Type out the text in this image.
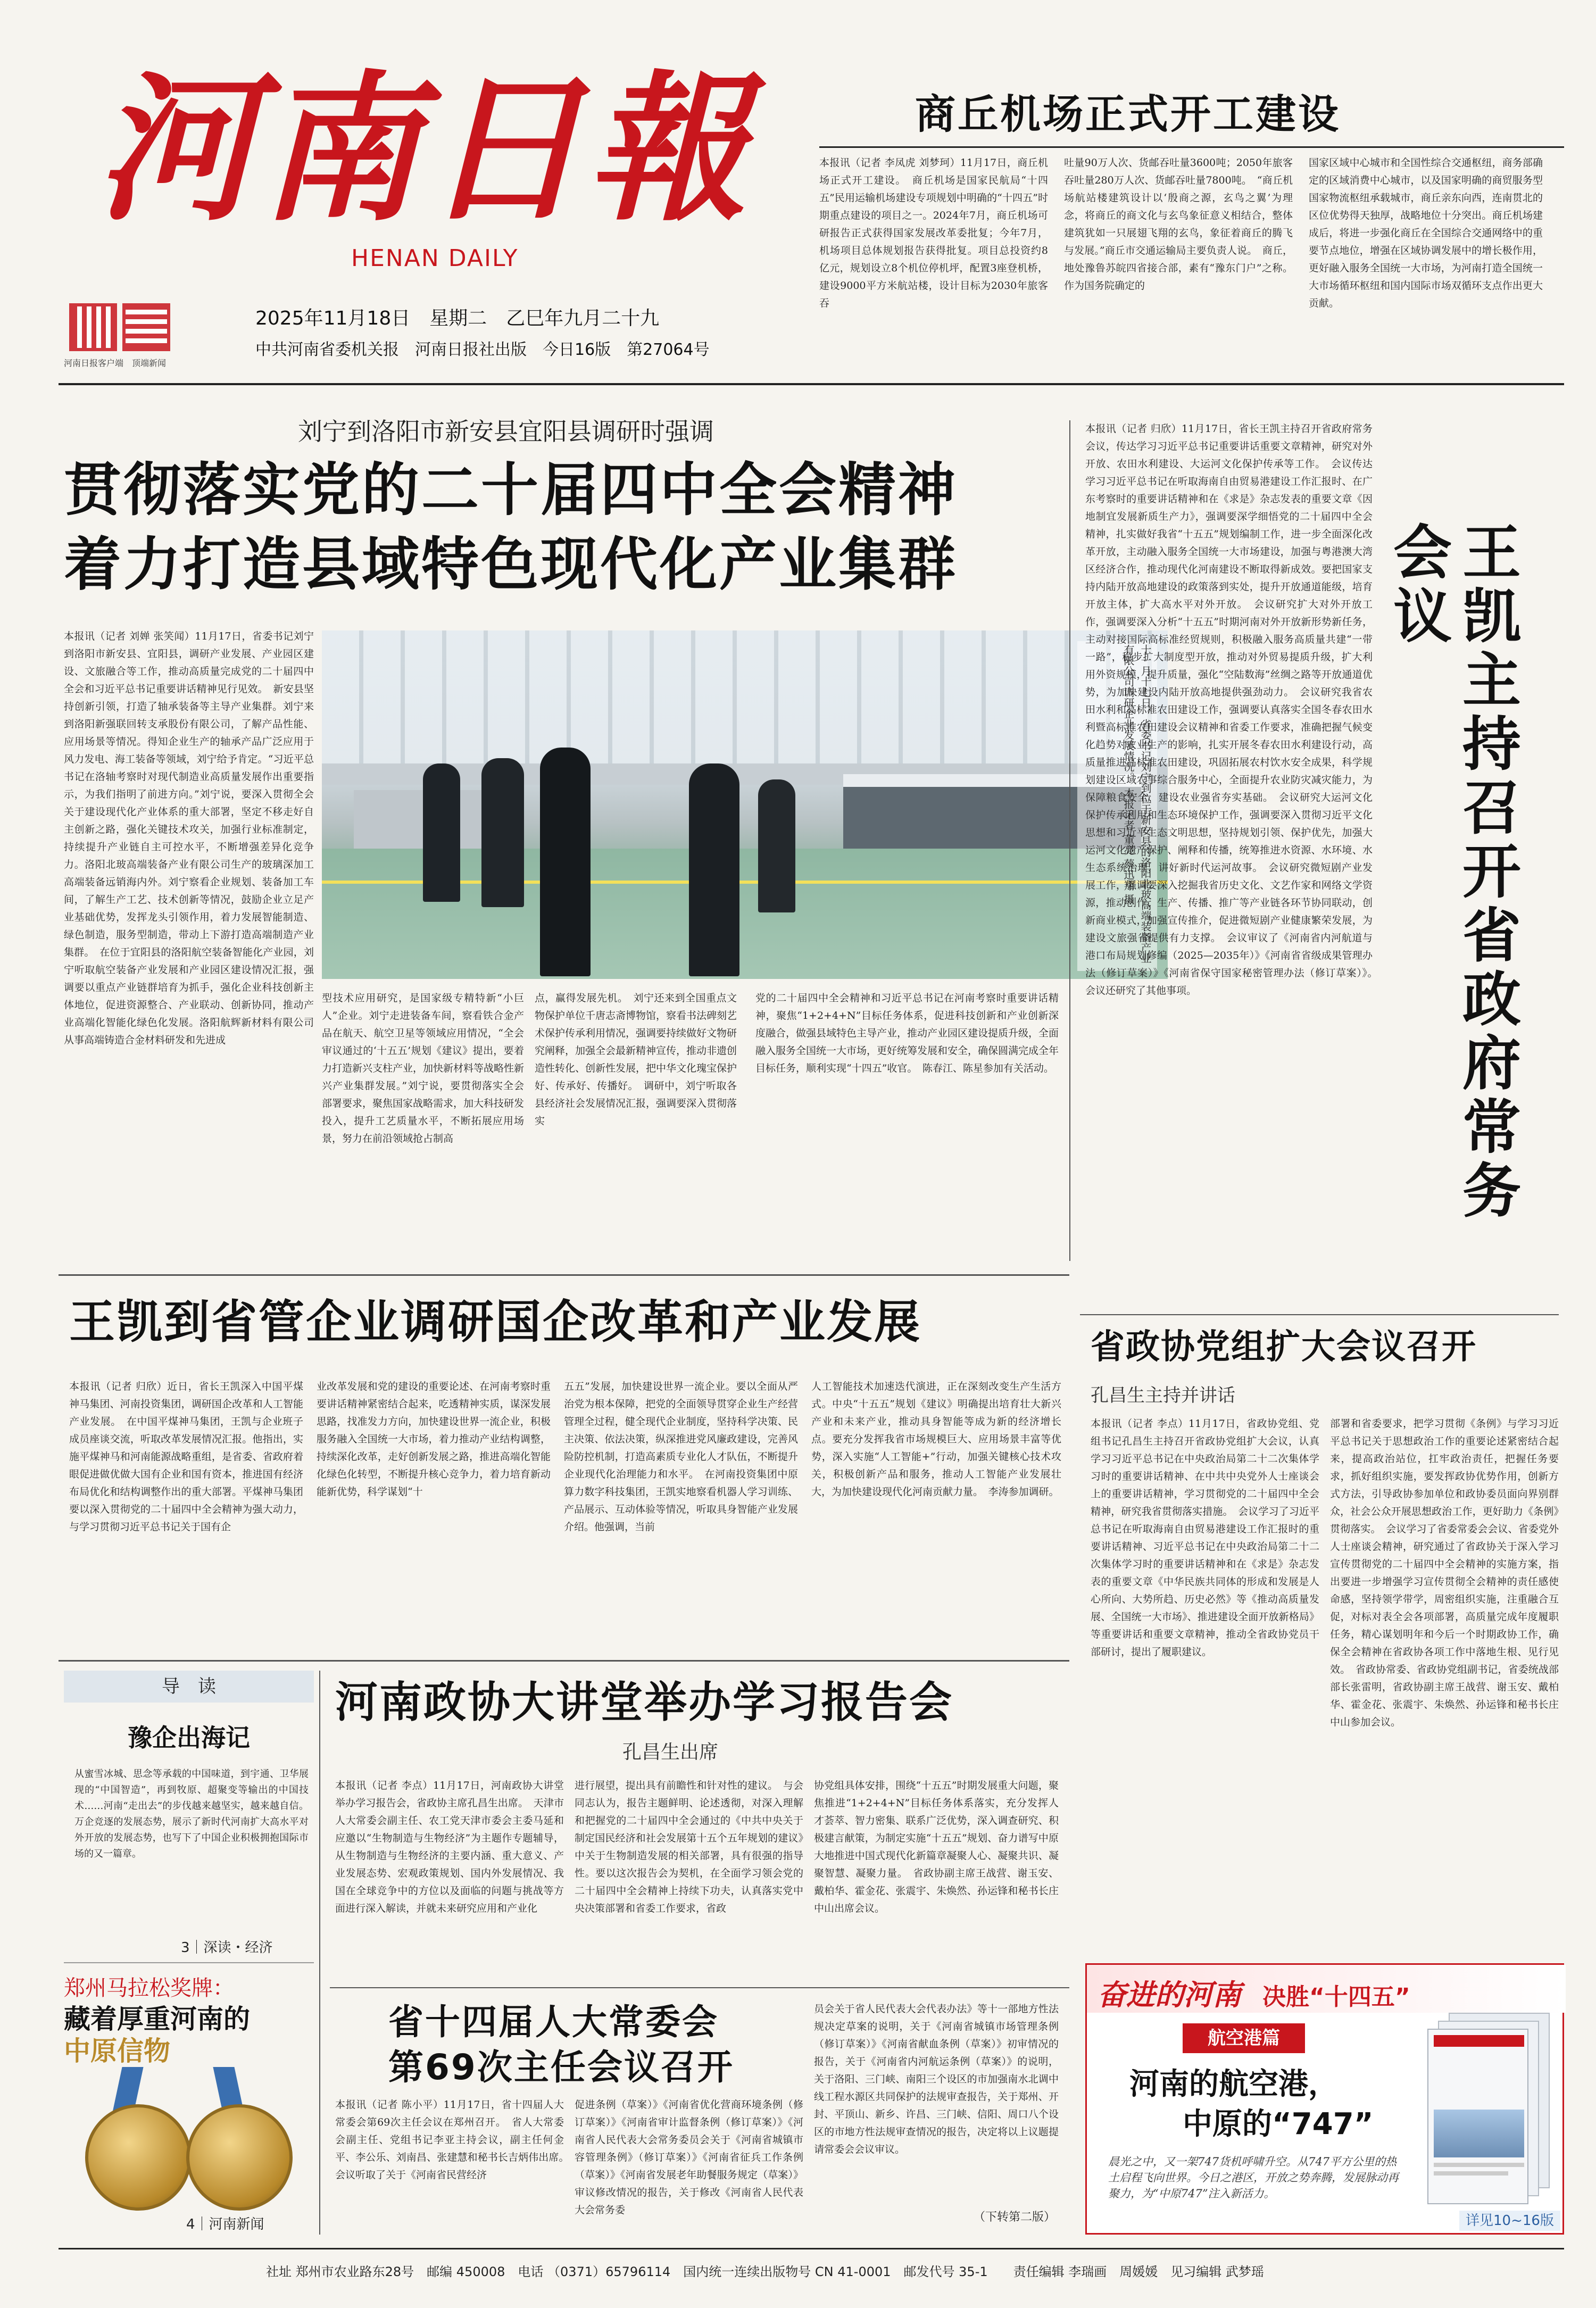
河南日報
HENAN DAILY
河南日报客户端　顶端新闻
2025年11月18日　星期二　乙巳年九月二十九
中共河南省委机关报　河南日报社出版　今日16版　第27064号
商丘机场正式开工建设
本报讯（记者 李凤虎 刘梦珂）11月17日，商丘机场正式开工建设。　商丘机场是国家民航局“十四五”民用运输机场建设专项规划中明确的“十四五”时期重点建设的项目之一。2024年7月，商丘机场可研报告正式获得国家发展改革委批复；今年7月，机场项目总体规划报告获得批复。项目总投资约8亿元，规划设立8个机位停机坪，配置3座登机桥，建设9000平方米航站楼，设计目标为2030年旅客吞
吐量90万人次、货邮吞吐量3600吨；2050年旅客吞吐量280万人次、货邮吞吐量7800吨。　“商丘机场航站楼建筑设计以‘殷商之源，玄鸟之翼’为理念，将商丘的商文化与玄鸟象征意义相结合，整体建筑犹如一只展翅飞翔的玄鸟，象征着商丘的腾飞与发展。”商丘市交通运输局主要负责人说。　商丘，地处豫鲁苏皖四省接合部，素有“豫东门户”之称。作为国务院确定的
国家区域中心城市和全国性综合交通枢纽，商务部确定的区域消费中心城市，以及国家明确的商贸服务型国家物流枢纽承载城市，商丘亲东向西，连南贯北的区位优势得天独厚，战略地位十分突出。商丘机场建成后，将进一步强化商丘在全国综合交通网络中的重要节点地位，增强在区域协调发展中的增长极作用，更好融入服务全国统一大市场，为河南打造全国统一大市场循环枢纽和国内国际市场双循环支点作出更大贡献。
刘宁到洛阳市新安县宜阳县调研时强调
贯彻落实党的二十届四中全会精神
着力打造县域特色现代化产业集群
本报讯（记者 刘婵 张笑闻）11月17日，省委书记刘宁到洛阳市新安县、宜阳县，调研产业发展、产业园区建设、文旅融合等工作，推动高质量完成党的二十届四中全会和习近平总书记重要讲话精神见行见效。　新安县坚持创新引领，打造了轴承装备等主导产业集群。刘宁来到洛阳新强联回转支承股份有限公司，了解产品性能、应用场景等情况。得知企业生产的轴承产品广泛应用于风力发电、海工装备等领域，刘宁给予肯定。“习近平总书记在洛轴考察时对现代制造业高质量发展作出重要指示，为我们指明了前进方向。”刘宁说，要深入贯彻全会关于建设现代化产业体系的重大部署，坚定不移走好自主创新之路，强化关键技术攻关，加强行业标准制定，持续提升产业链自主可控水平，不断增强差异化竞争力。洛阳北玻高端装备产业有限公司生产的玻璃深加工高端装备远销海内外。刘宁察看企业规划、装备加工车间，了解生产工艺、技术创新等情况，鼓励企业立足产业基础优势，发挥龙头引领作用，着力发展智能制造、绿色制造，服务型制造，带动上下游打造高端制造产业集群。　在位于宜阳县的洛阳航空装备智能化产业园，刘宁听取航空装备产业发展和产业园区建设情况汇报，强调要以重点产业链群培育为抓手，强化企业科技创新主体地位，促进资源整合、产业联动、创新协同，推动产业高端化智能化绿色化发展。洛阳航辉新材料有限公司从事高端铸造合金材料研发和先进成
十一月十七日，省委书记刘宁到位于新安县的洛阳北玻高端装备产业有限公司调研企业发展情况。　本报记者 董亮 蔡迅翔 摄
型技术应用研究，是国家级专精特新“小巨人”企业。刘宁走进装备车间，察看铁合金产品在航天、航空卫星等领域应用情况，“全会审议通过的‘十五五’规划《建议》提出，要着力打造新兴支柱产业，加快新材料等战略性新兴产业集群发展。”刘宁说，要贯彻落实全会部署要求，聚焦国家战略需求，加大科技研发投入，提升工艺质量水平，不断拓展应用场景，努力在前沿领域抢占制高
点，赢得发展先机。　刘宁还来到全国重点文物保护单位千唐志斋博物馆，察看书法碑刻艺术保护传承利用情况，强调要持续做好文物研究阐释，加强全会最新精神宣传，推动非遗创造性转化、创新性发展，把中华文化瑰宝保护好、传承好、传播好。　调研中，刘宁听取各县经济社会发展情况汇报，强调要深入贯彻落实
党的二十届四中全会精神和习近平总书记在河南考察时重要讲话精神，聚焦“1+2+4+N”目标任务体系，促进科技创新和产业创新深度融合，做强县域特色主导产业，推动产业园区建设提质升级，全面融入服务全国统一大市场，更好统筹发展和安全，确保圆满完成全年目标任务，顺利实现“十四五”收官。　陈春江、陈星参加有关活动。
本报讯（记者 归欣）11月17日，省长王凯主持召开省政府常务会议，传达学习习近平总书记重要讲话重要文章精神，研究对外开放、农田水利建设、大运河文化保护传承等工作。　会议传达学习习近平总书记在听取海南自由贸易港建设工作汇报时、在广东考察时的重要讲话精神和在《求是》杂志发表的重要文章《因地制宜发展新质生产力》，强调要深学细悟党的二十届四中全会精神，扎实做好我省“十五五”规划编制工作，进一步全面深化改革开放，主动融入服务全国统一大市场建设，加强与粤港澳大湾区经济合作，推动现代化河南建设不断取得新成效。要把国家支持内陆开放高地建设的政策落到实处，提升开放通道能级，培育开放主体，扩大高水平对外开放。　会议研究扩大对外开放工作，强调要深入分析“十五五”时期河南对外开放新形势新任务，主动对接国际高标准经贸规则，积极融入服务高质量共建“一带一路”，稳步扩大制度型开放，推动对外贸易提质升级，扩大利用外资规模，提升质量，强化“空陆数海”丝绸之路等开放通道优势，为加快建设内陆开放高地提供强劲动力。　会议研究我省农田水利和高标准农田建设工作，强调要认真落实全国冬春农田水利暨高标准农田建设会议精神和省委工作要求，准确把握气候变化趋势对农业生产的影响，扎实开展冬春农田水利建设行动，高质量推进高标准农田建设，巩固拓展农村饮水安全成果，科学规划建设区域农事综合服务中心，全面提升农业防灾减灾能力，为保障粮食安全、建设农业强省夯实基础。　会议研究大运河文化保护传承利用和生态环境保护工作，强调要深入贯彻习近平文化思想和习近平生态文明思想，坚持规划引领、保护优先，加强大运河文化遗产保护、阐释和传播，统筹推进水资源、水环境、水生态系统治理，讲好新时代运河故事。　会议研究微短剧产业发展工作，强调要深入挖掘我省历史文化、文艺作家和网络文学资源，推动创作、生产、传播、推广等产业链各环节协同联动，创新商业模式，加强宣传推介，促进微短剧产业健康繁荣发展，为建设文旅强省提供有力支撑。　会议审议了《河南省内河航道与港口布局规划修编（2025—2035年）》《河南省省级成果管理办法（修订草案）》《河南省保守国家秘密管理办法（修订草案）》。　会议还研究了其他事项。	王凯主持召开省政府常务会议
王凯到省管企业调研国企改革和产业发展
本报讯（记者 归欣）近日，省长王凯深入中国平煤神马集团、河南投资集团，调研国企改革和人工智能产业发展。　在中国平煤神马集团，王凯与企业班子成员座谈交流，听取改革发展情况汇报。他指出，实施平煤神马和河南能源战略重组，是省委、省政府着眼促进做优做大国有企业和国有资本，推进国有经济布局优化和结构调整作出的重大部署。平煤神马集团要以深入贯彻党的二十届四中全会精神为强大动力，与学习贯彻习近平总书记关于国有企
业改革发展和党的建设的重要论述、在河南考察时重要讲话精神紧密结合起来，吃透精神实质，谋深发展思路，找准发力方向，加快建设世界一流企业，积极服务融入全国统一大市场，着力推动产业结构调整，持续深化改革，走好创新发展之路，推进高端化智能化绿色化转型，不断提升核心竞争力，着力培育新动能新优势，科学谋划“十
五五”发展，加快建设世界一流企业。要以全面从严治党为根本保障，把党的全面领导贯穿企业生产经营管理全过程，健全现代企业制度，坚持科学决策、民主决策、依法决策，纵深推进党风廉政建设，完善风险防控机制，打造高素质专业化人才队伍，不断提升企业现代化治理能力和水平。　在河南投资集团中原算力数字科技集团，王凯实地察看机器人学习训练、产品展示、互动体验等情况，听取具身智能产业发展介绍。他强调，当前
人工智能技术加速迭代演进，正在深刻改变生产生活方式。中央“十五五”规划《建议》明确提出培育壮大新兴产业和未来产业，推动具身智能等成为新的经济增长点。要充分发挥我省市场规模巨大、应用场景丰富等优势，深入实施“人工智能+”行动，加强关键核心技术攻关，积极创新产品和服务，推动人工智能产业发展壮大，为加快建设现代化河南贡献力量。　李涛参加调研。
导　读
豫企出海记
从蜜雪冰城、思念等承载的中国味道，到宇通、卫华展现的“中国智造”，再到牧原、超聚变等输出的中国技术……河南“走出去”的步伐越来越坚实，越来越自信。万企竞逐的发展态势，展示了新时代河南扩大高水平对外开放的发展态势，也写下了中国企业积极拥抱国际市场的又一篇章。
3｜深读・经济
郑州马拉松奖牌：
藏着厚重河南的
中原信物
4｜河南新闻
河南政协大讲堂举办学习报告会
孔昌生出席
本报讯（记者 李点）11月17日，河南政协大讲堂举办学习报告会，省政协主席孔昌生出席。　天津市人大常委会副主任、农工党天津市委会主委马延和应邀以“生物制造与生物经济”为主题作专题辅导，从生物制造与生物经济的主要内涵、重大意义、产业发展态势、宏观政策规划、国内外发展情况、我国在全球竞争中的方位以及面临的问题与挑战等方面进行深入解读，并就未来研究应用和产业化
进行展望，提出具有前瞻性和针对性的建议。　与会同志认为，报告主题鲜明、论述透彻，对深入理解和把握党的二十届四中全会通过的《中共中央关于制定国民经济和社会发展第十五个五年规划的建议》中关于生物制造发展的相关部署，具有很强的指导性。要以这次报告会为契机，在全面学习领会党的二十届四中全会精神上持续下功夫，认真落实党中央决策部署和省委工作要求，省政
协党组具体安排，围绕“十五五”时期发展重大问题，聚焦推进“1+2+4+N”目标任务体系落实，充分发挥人才荟萃、智力密集、联系广泛优势，深入调查研究、积极建言献策，为制定实施“十五五”规划、奋力谱写中原大地推进中国式现代化新篇章凝聚人心、凝聚共识、凝聚智慧、凝聚力量。　省政协副主席王战营、谢玉安、戴柏华、霍金花、张震宇、朱焕然、孙运锋和秘书长庄中山出席会议。
省十四届人大常委会
第69次主任会议召开
本报讯（记者 陈小平）11月17日，省十四届人大常委会第69次主任会议在郑州召开。　省人大常委会副主任、党组书记李亚主持会议，副主任何金平、李公乐、刘南昌、张建慧和秘书长吉炳伟出席。　会议听取了关于《河南省民营经济
促进条例（草案）》《河南省优化营商环境条例（修订草案）》《河南省审计监督条例（修订草案）》《河南省人民代表大会常务委员会关于《河南省城镇市容管理条例》（修订草案）》《河南省征兵工作条例（草案）》《河南省发展老年助餐服务规定（草案）》审议修改情况的报告，关于修改《河南省人民代表大会常务委
员会关于省人民代表大会代表办法》等十一部地方性法规决定草案的说明，关于《河南省城镇市场管理条例（修订草案）》《河南省献血条例（草案）》初审情况的报告，关于《河南省内河航运条例（草案）》的说明，关于洛阳、三门峡、南阳三个设区的市加强南水北调中线工程水源区共同保护的法规审查报告，关于郑州、开封、平顶山、新乡、许昌、三门峡、信阳、周口八个设区的市地方性法规审查情况的报告，决定将以上议题提请常委会会议审议。
（下转第二版）
省政协党组扩大会议召开
孔昌生主持并讲话
本报讯（记者 李点）11月17日，省政协党组、党组书记孔昌生主持召开省政协党组扩大会议，认真学习习近平总书记在中央政治局第二十二次集体学习时的重要讲话精神、在中共中央党外人士座谈会上的重要讲话精神，学习贯彻党的二十届四中全会精神，研究我省贯彻落实措施。　会议学习了习近平总书记在听取海南自由贸易港建设工作汇报时的重要讲话精神、习近平总书记在中央政治局第二十二次集体学习时的重要讲话精神和在《求是》杂志发表的重要文章《中华民族共同体的形成和发展是人心所向、大势所趋、历史必然》等《推动高质量发展、全国统一大市场》、推进建设全面开放新格局》等重要讲话和重要文章精神，推动全省政协党员干部研讨，提出了履职建议。
部署和省委要求，把学习贯彻《条例》与学习习近平总书记关于思想政治工作的重要论述紧密结合起来，提高政治站位，扛牢政治责任，把握任务要求，抓好组织实施，要发挥政协优势作用，创新方式方法，引导政协参加单位和政协委员面向界别群众，社会公众开展思想政治工作，更好助力《条例》贯彻落实。　会议学习了省委常委会会议、省委党外人士座谈会精神，研究通过了省政协关于深入学习宣传贯彻党的二十届四中全会精神的实施方案，指出要进一步增强学习宣传贯彻全会精神的责任感使命感，坚持领学带学，周密组织实施，注重融合互促，对标对表全会各项部署，高质量完成年度履职任务，精心谋划明年和今后一个时期政协工作，确保全会精神在省政协各项工作中落地生根、见行见效。　省政协常委、省政协党组副书记，省委统战部部长张雷明，省政协副主席王战营、谢玉安、戴柏华、霍金花、张震宇、朱焕然、孙运锋和秘书长庄中山参加会议。
奋进的河南 决胜“十四五”
航空港篇
河南的航空港，
中原的“747”
晨光之中，又一架747货机呼啸升空。从747平方公里的热土启程飞向世界。今日之港区，开放之势奔腾，发展脉动再聚力，为“中原747”注入新活力。
详见10~16版
社址 郑州市农业路东28号　邮编 450008　电话 （0371）65796114　国内统一连续出版物号 CN 41-0001　邮发代号 35-1　　责任编辑 李瑞画　周媛媛　见习编辑 武梦瑶
